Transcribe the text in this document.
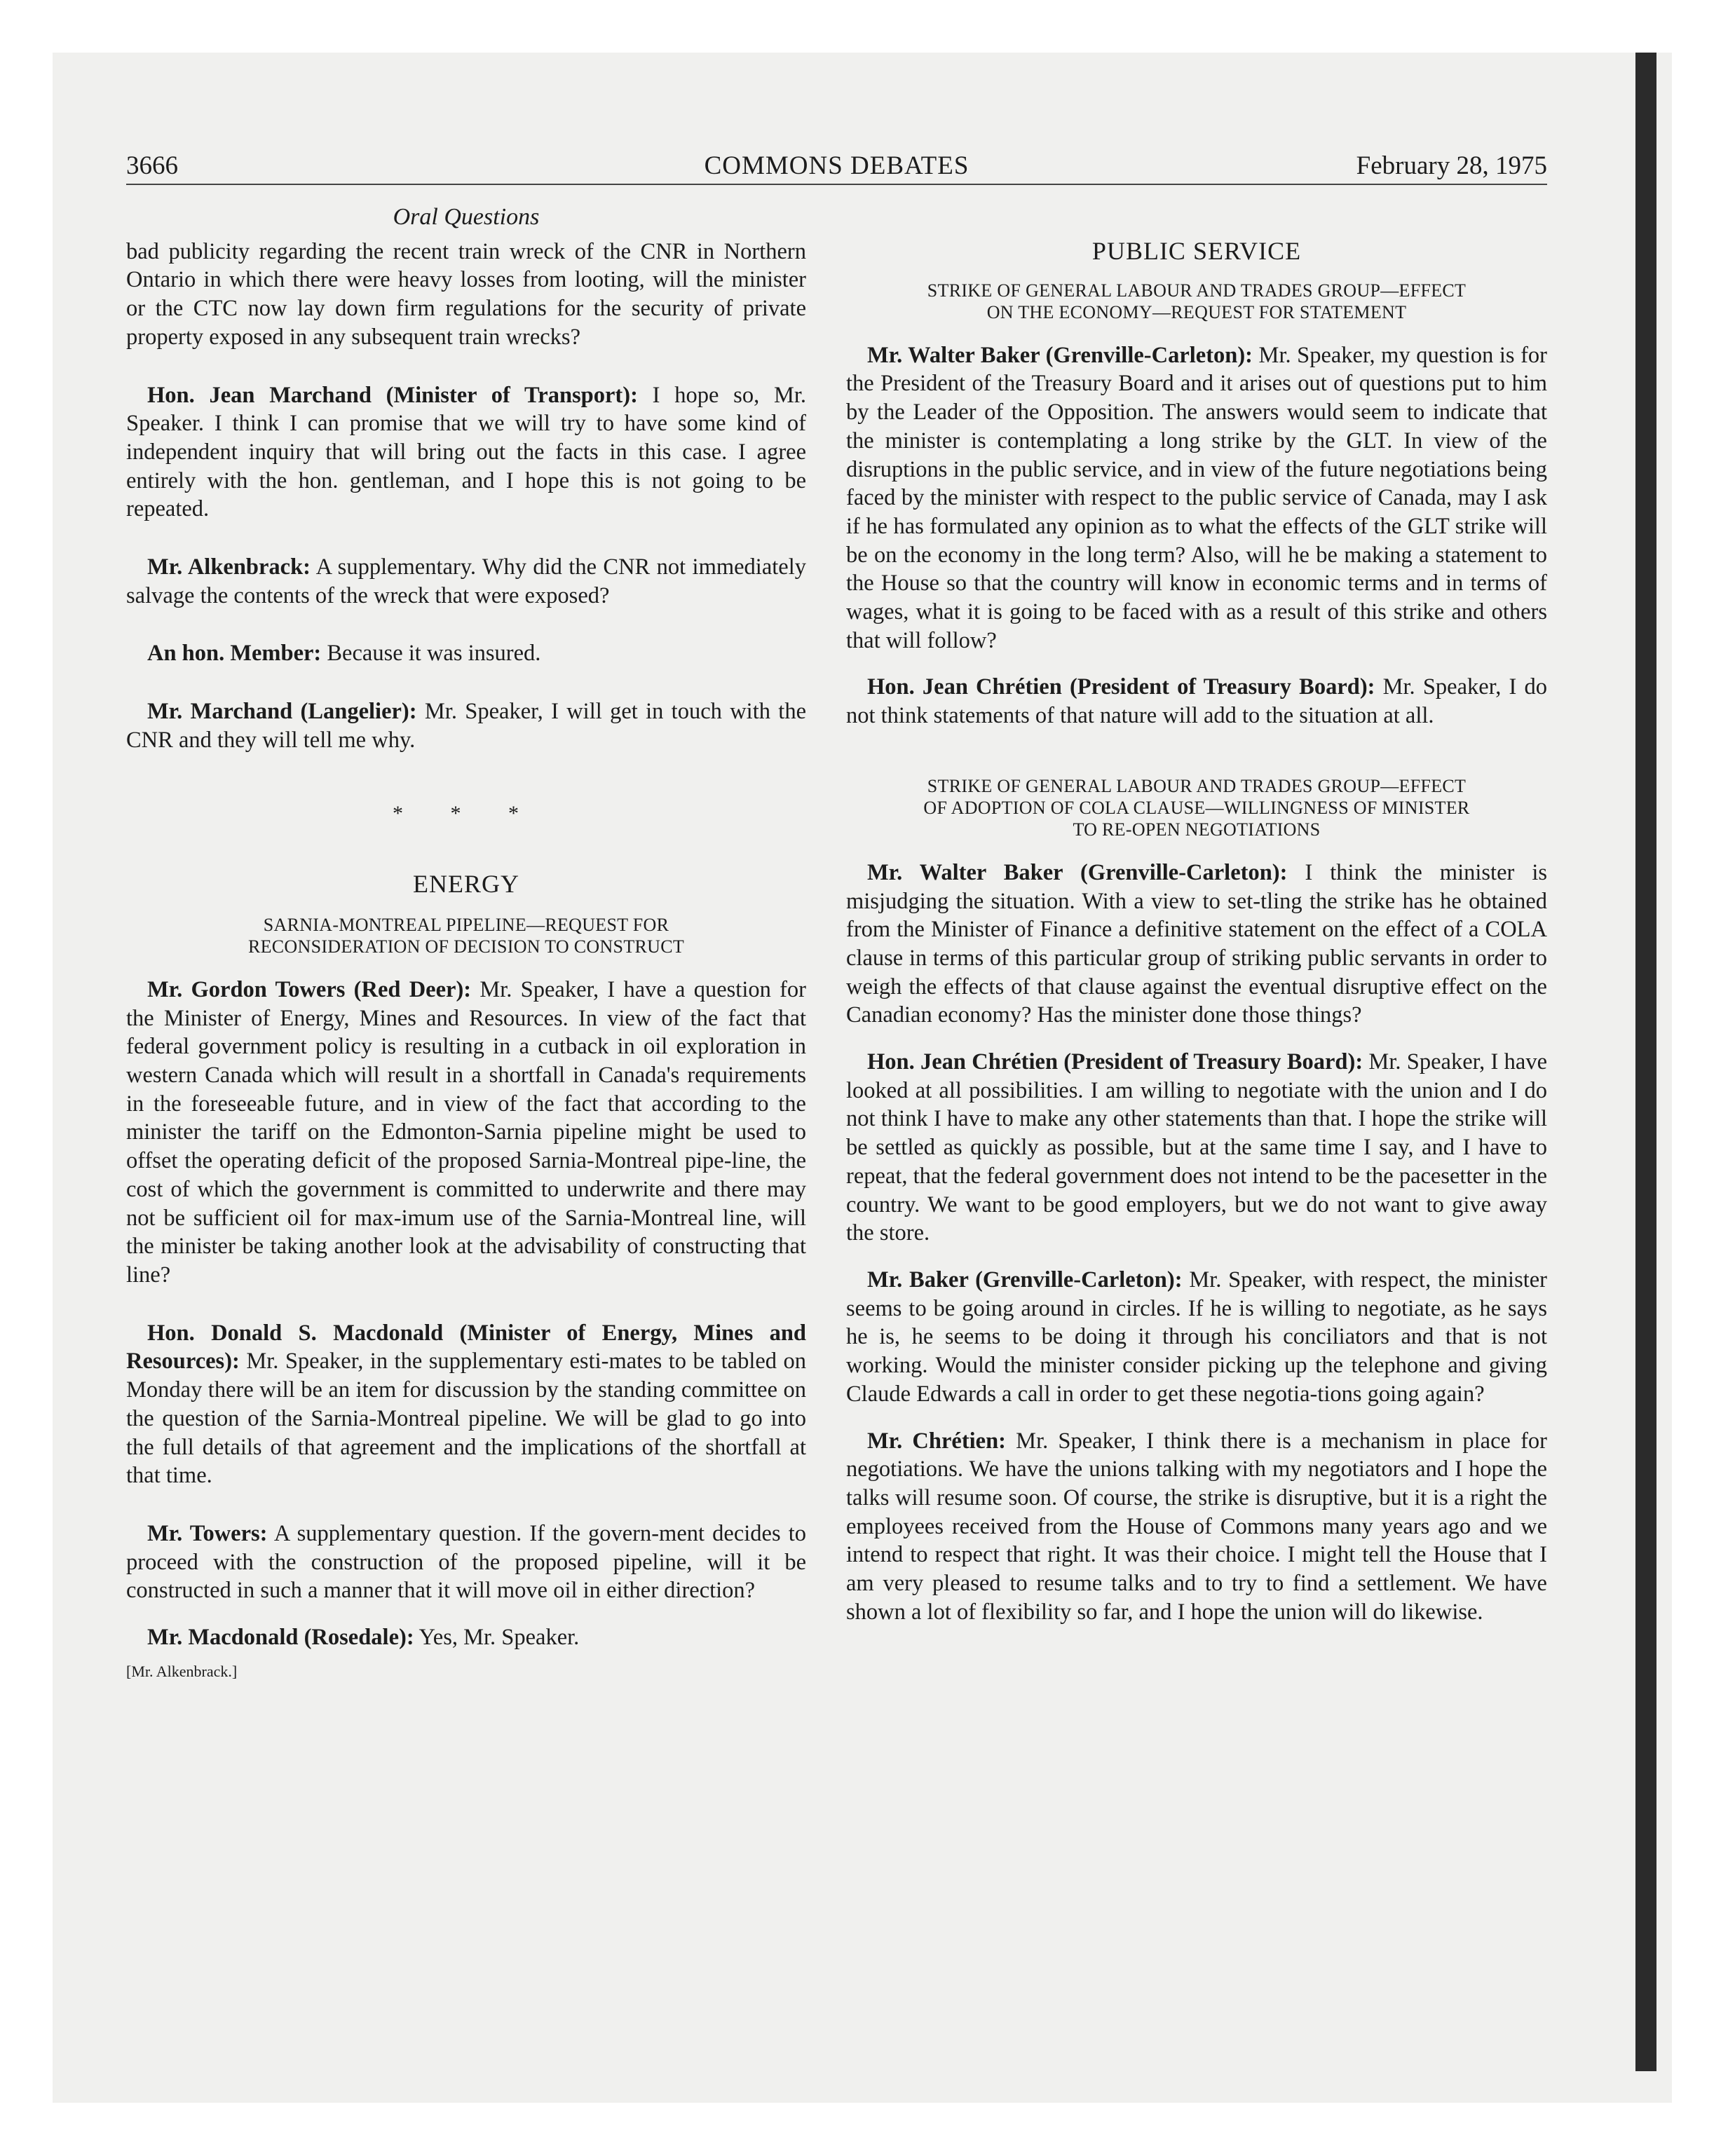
3666	COMMONS DEBATES	February 28, 1975
Oral Questions

bad publicity regarding the recent train wreck of the CNR in Northern Ontario in which there were heavy losses from looting, will the minister or the CTC now lay down firm regulations for the security of private property exposed in any subsequent train wrecks?

Hon. Jean Marchand (Minister of Transport): I hope so, Mr. Speaker. I think I can promise that we will try to have some kind of independent inquiry that will bring out the facts in this case. I agree entirely with the hon. gentleman, and I hope this is not going to be repeated.

Mr. Alkenbrack: A supplementary. Why did the CNR not immediately salvage the contents of the wreck that were exposed?

An hon. Member: Because it was insured.

Mr. Marchand (Langelier): Mr. Speaker, I will get in touch with the CNR and they will tell me why.

* * *
ENERGY
SARNIA-MONTREAL PIPELINE—REQUEST FOR
RECONSIDERATION OF DECISION TO CONSTRUCT

Mr. Gordon Towers (Red Deer): Mr. Speaker, I have a question for the Minister of Energy, Mines and Resources. In view of the fact that federal government policy is resulting in a cutback in oil exploration in western Canada which will result in a shortfall in Canada's requirements in the foreseeable future, and in view of the fact that according to the minister the tariff on the Edmonton-Sarnia pipeline might be used to offset the operating deficit of the proposed Sarnia-Montreal pipe-line, the cost of which the government is committed to underwrite and there may not be sufficient oil for max-imum use of the Sarnia-Montreal line, will the minister be taking another look at the advisability of constructing that line?

Hon. Donald S. Macdonald (Minister of Energy, Mines and Resources): Mr. Speaker, in the supplementary esti-mates to be tabled on Monday there will be an item for discussion by the standing committee on the question of the Sarnia-Montreal pipeline. We will be glad to go into the full details of that agreement and the implications of the shortfall at that time.

Mr. Towers: A supplementary question. If the govern-ment decides to proceed with the construction of the proposed pipeline, will it be constructed in such a manner that it will move oil in either direction?

Mr. Macdonald (Rosedale): Yes, Mr. Speaker.

[Mr. Alkenbrack.]

PUBLIC SERVICE
STRIKE OF GENERAL LABOUR AND TRADES GROUP—EFFECT
ON THE ECONOMY—REQUEST FOR STATEMENT

Mr. Walter Baker (Grenville-Carleton): Mr. Speaker, my question is for the President of the Treasury Board and it arises out of questions put to him by the Leader of the Opposition. The answers would seem to indicate that the minister is contemplating a long strike by the GLT. In view of the disruptions in the public service, and in view of the future negotiations being faced by the minister with respect to the public service of Canada, may I ask if he has formulated any opinion as to what the effects of the GLT strike will be on the economy in the long term? Also, will he be making a statement to the House so that the country will know in economic terms and in terms of wages, what it is going to be faced with as a result of this strike and others that will follow?

Hon. Jean Chrétien (President of Treasury Board): Mr. Speaker, I do not think statements of that nature will add to the situation at all.

STRIKE OF GENERAL LABOUR AND TRADES GROUP—EFFECT
OF ADOPTION OF COLA CLAUSE—WILLINGNESS OF MINISTER
TO RE-OPEN NEGOTIATIONS

Mr. Walter Baker (Grenville-Carleton): I think the minister is misjudging the situation. With a view to set-tling the strike has he obtained from the Minister of Finance a definitive statement on the effect of a COLA clause in terms of this particular group of striking public servants in order to weigh the effects of that clause against the eventual disruptive effect on the Canadian economy? Has the minister done those things?

Hon. Jean Chrétien (President of Treasury Board): Mr. Speaker, I have looked at all possibilities. I am willing to negotiate with the union and I do not think I have to make any other statements than that. I hope the strike will be settled as quickly as possible, but at the same time I say, and I have to repeat, that the federal government does not intend to be the pacesetter in the country. We want to be good employers, but we do not want to give away the store.

Mr. Baker (Grenville-Carleton): Mr. Speaker, with respect, the minister seems to be going around in circles. If he is willing to negotiate, as he says he is, he seems to be doing it through his conciliators and that is not working. Would the minister consider picking up the telephone and giving Claude Edwards a call in order to get these negotia-tions going again?

Mr. Chrétien: Mr. Speaker, I think there is a mechanism in place for negotiations. We have the unions talking with my negotiators and I hope the talks will resume soon. Of course, the strike is disruptive, but it is a right the employees received from the House of Commons many years ago and we intend to respect that right. It was their choice. I might tell the House that I am very pleased to resume talks and to try to find a settlement. We have shown a lot of flexibility so far, and I hope the union will do likewise.
